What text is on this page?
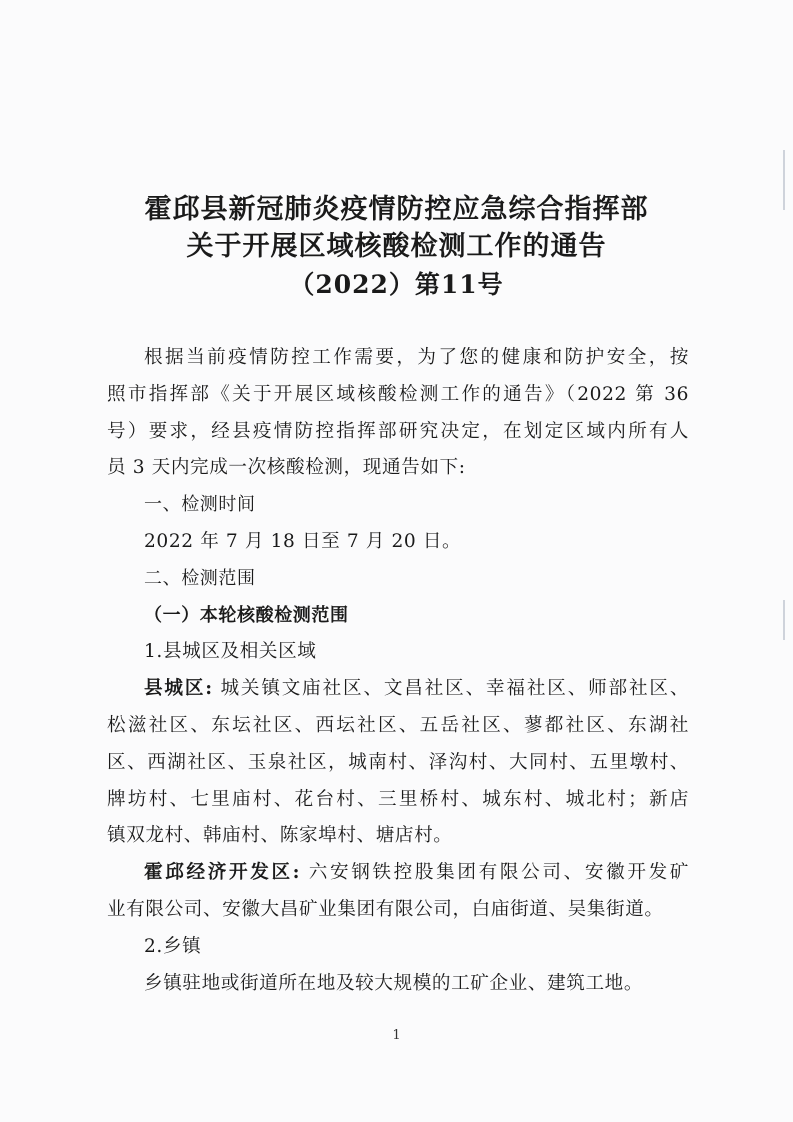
霍邱县新冠肺炎疫情防控应急综合指挥部
关于开展区域核酸检测工作的通告
（2022）第11号

根据当前疫情防控工作需要，为了您的健康和防护安全，按

照市指挥部《关于开展区域核酸检测工作的通告》（2022 第 36

号）要求，经县疫情防控指挥部研究决定，在划定区域内所有人

员 3 天内完成一次核酸检测，现通告如下:

一、检测时间

2022 年 7 月 18 日至 7 月 20 日。

二、检测范围

（一）本轮核酸检测范围

1.县城区及相关区域

县城区: 城关镇文庙社区、文昌社区、幸福社区、师部社区、

松滋社区、东坛社区、西坛社区、五岳社区、蓼都社区、东湖社

区、西湖社区、玉泉社区，城南村、泽沟村、大同村、五里墩村、

牌坊村、七里庙村、花台村、三里桥村、城东村、城北村；新店

镇双龙村、韩庙村、陈家埠村、塘店村。

霍邱经济开发区: 六安钢铁控股集团有限公司、安徽开发矿

业有限公司、安徽大昌矿业集团有限公司，白庙街道、吴集街道。

2.乡镇

乡镇驻地或街道所在地及较大规模的工矿企业、建筑工地。

1
